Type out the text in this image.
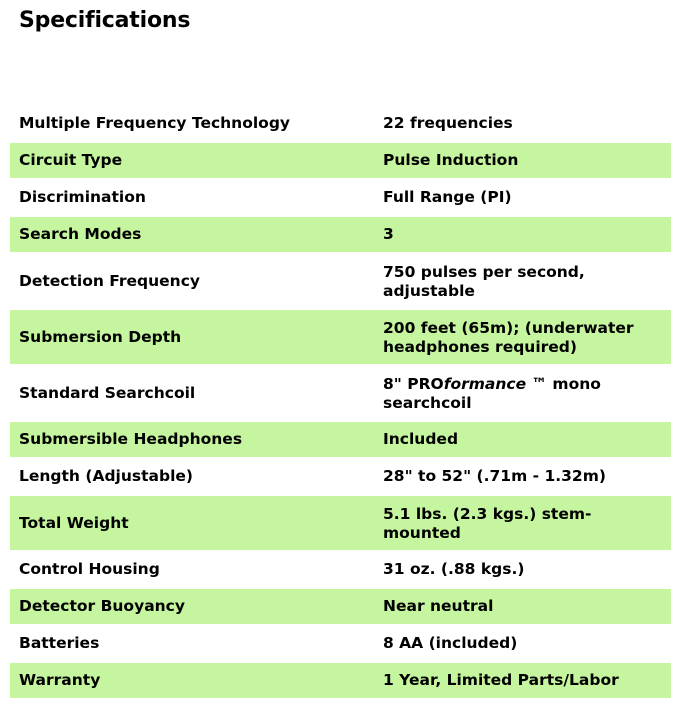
Specifications
Multiple Frequency Technology	22 frequencies
Circuit Type	Pulse Induction
Discrimination	Full Range (PI)
Search Modes	3
Detection Frequency	750 pulses per second, adjustable
Submersion Depth	200 feet (65m); (underwater headphones required)
Standard Searchcoil	8" PROformance ™ mono searchcoil
Submersible Headphones	Included
Length (Adjustable)	28" to 52" (.71m - 1.32m)
Total Weight	5.1 lbs. (2.3 kgs.) stem-mounted
Control Housing	31 oz. (.88 kgs.)
Detector Buoyancy	Near neutral
Batteries	8 AA (included)
Warranty	1 Year, Limited Parts/Labor
